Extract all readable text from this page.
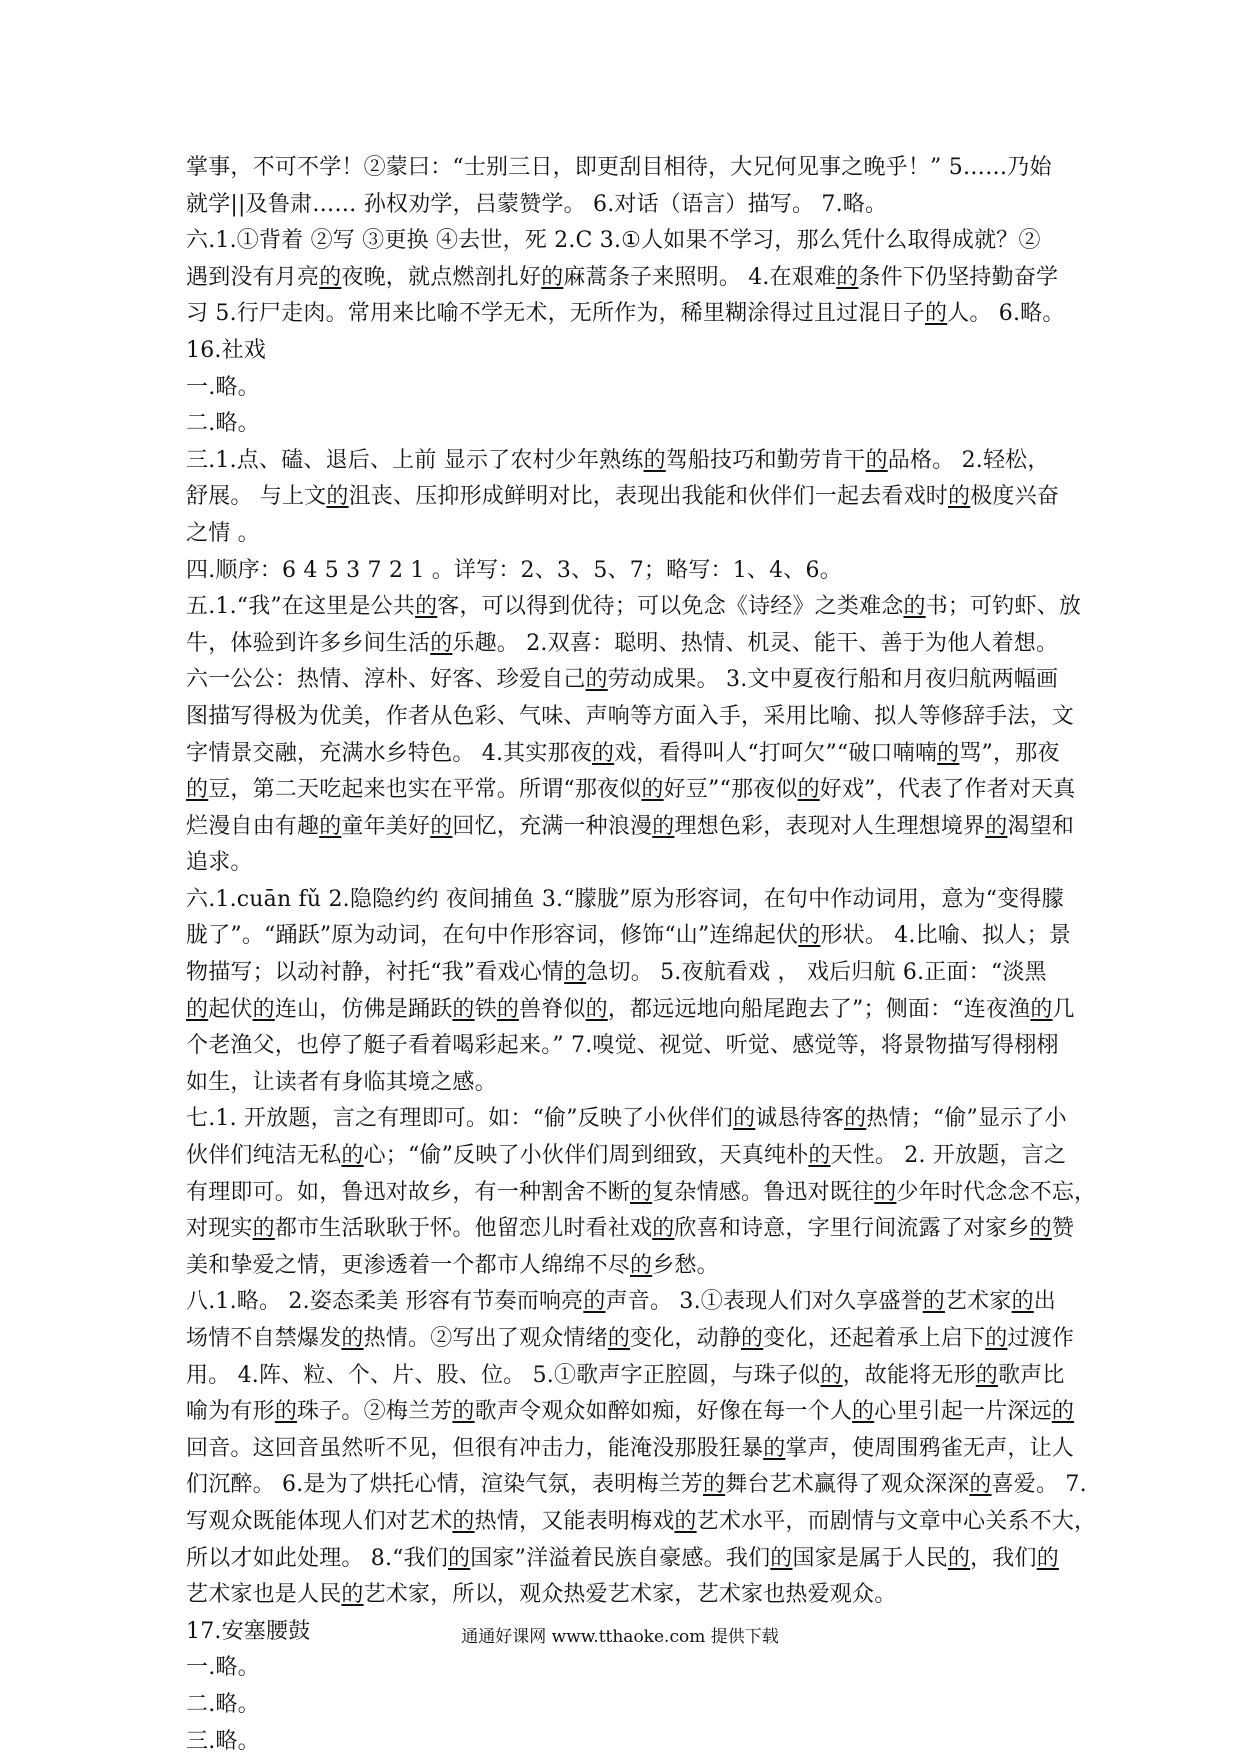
掌事，不可不学！②蒙曰：“士别三日，即更刮目相待，大兄何见事之晚乎！” 5……乃始
就学||及鲁肃…… 孙权劝学，吕蒙赞学。 6.对话（语言）描写。 7.略。
六.1.①背着 ②写 ③更换 ④去世，死 2.C 3.①人如果不学习，那么凭什么取得成就？②
遇到没有月亮的夜晚，就点燃剖扎好的麻蒿条子来照明。 4.在艰难的条件下仍坚持勤奋学
习 5.行尸走肉。常用来比喻不学无术，无所作为，稀里糊涂得过且过混日子的人。 6.略。
16.社戏
一.略。
二.略。
三.1.点、磕、退后、上前 显示了农村少年熟练的驾船技巧和勤劳肯干的品格。 2.轻松，
舒展。 与上文的沮丧、压抑形成鲜明对比，表现出我能和伙伴们一起去看戏时的极度兴奋
之情 。
四.顺序：6 4 5 3 7 2 1 。详写：2、3、5、7；略写：1、4、6。
五.1.“我”在这里是公共的客，可以得到优待；可以免念《诗经》之类难念的书；可钓虾、放
牛，体验到许多乡间生活的乐趣。 2.双喜：聪明、热情、机灵、能干、善于为他人着想。
六一公公：热情、淳朴、好客、珍爱自己的劳动成果。 3.文中夏夜行船和月夜归航两幅画
图描写得极为优美，作者从色彩、气味、声响等方面入手，采用比喻、拟人等修辞手法，文
字情景交融，充满水乡特色。 4.其实那夜的戏，看得叫人“打呵欠”“破口喃喃的骂”，那夜
的豆，第二天吃起来也实在平常。所谓“那夜似的好豆”“那夜似的好戏”，代表了作者对天真
烂漫自由有趣的童年美好的回忆，充满一种浪漫的理想色彩，表现对人生理想境界的渴望和
追求。
六.1.cuān fǔ 2.隐隐约约 夜间捕鱼 3.“朦胧”原为形容词，在句中作动词用，意为“变得朦
胧了”。“踊跃”原为动词，在句中作形容词，修饰“山”连绵起伏的形状。 4.比喻、拟人；景
物描写；以动衬静，衬托“我”看戏心情的急切。 5.夜航看戏 ， 戏后归航 6.正面：“淡黑
的起伏的连山，仿佛是踊跃的铁的兽脊似的，都远远地向船尾跑去了”；侧面：“连夜渔的几
个老渔父，也停了艇子看着喝彩起来。” 7.嗅觉、视觉、听觉、感觉等，将景物描写得栩栩
如生，让读者有身临其境之感。
七.1. 开放题，言之有理即可。如：“偷”反映了小伙伴们的诚恳待客的热情；“偷”显示了小
伙伴们纯洁无私的心；“偷”反映了小伙伴们周到细致，天真纯朴的天性。 2. 开放题，言之
有理即可。如，鲁迅对故乡，有一种割舍不断的复杂情感。鲁迅对既往的少年时代念念不忘，
对现实的都市生活耿耿于怀。他留恋儿时看社戏的欣喜和诗意，字里行间流露了对家乡的赞
美和挚爱之情，更渗透着一个都市人绵绵不尽的乡愁。
八.1.略。 2.姿态柔美 形容有节奏而响亮的声音。 3.①表现人们对久享盛誉的艺术家的出
场情不自禁爆发的热情。②写出了观众情绪的变化，动静的变化，还起着承上启下的过渡作
用。 4.阵、粒、个、片、股、位。 5.①歌声字正腔圆，与珠子似的，故能将无形的歌声比
喻为有形的珠子。②梅兰芳的歌声令观众如醉如痴，好像在每一个人的心里引起一片深远的
回音。这回音虽然听不见，但很有冲击力，能淹没那股狂暴的掌声，使周围鸦雀无声，让人
们沉醉。 6.是为了烘托心情，渲染气氛，表明梅兰芳的舞台艺术赢得了观众深深的喜爱。 7.
写观众既能体现人们对艺术的热情，又能表明梅戏的艺术水平，而剧情与文章中心关系不大，
所以才如此处理。 8.“我们的国家”洋溢着民族自豪感。我们的国家是属于人民的，我们的
艺术家也是人民的艺术家，所以，观众热爱艺术家，艺术家也热爱观众。
17.安塞腰鼓
一.略。
二.略。
三.略。
通通好课网 www.tthaoke.com 提供下载
